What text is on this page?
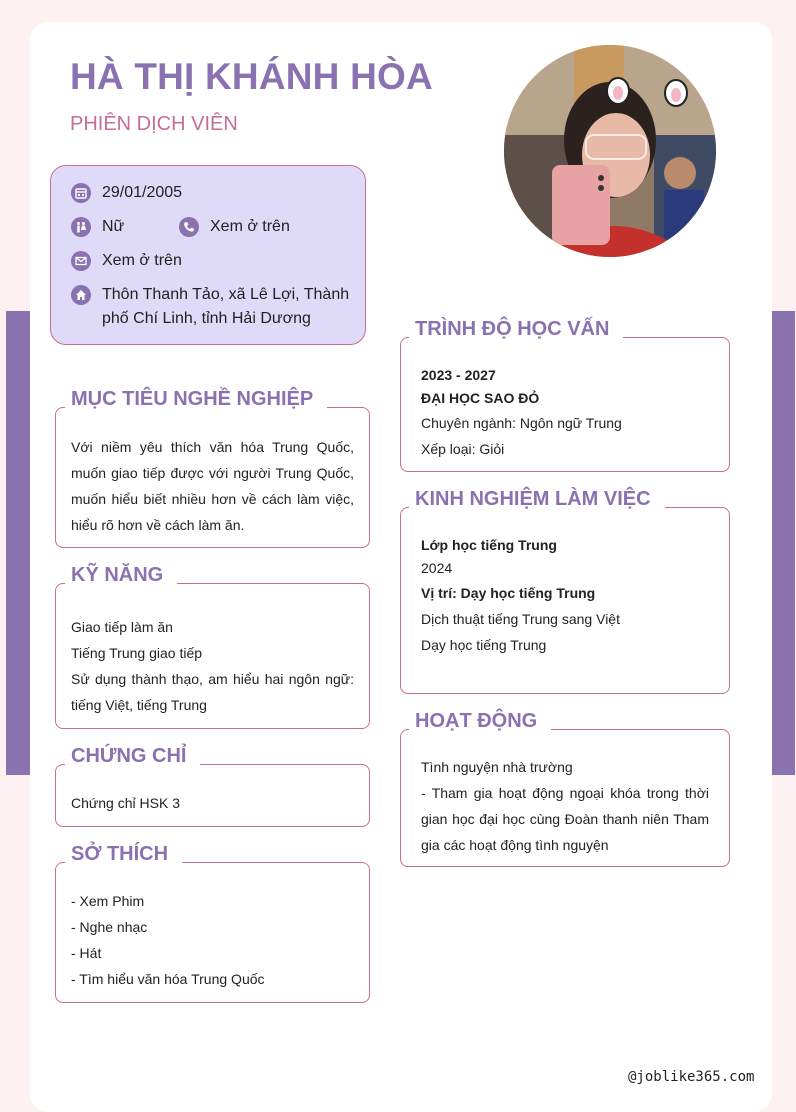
HÀ THỊ KHÁNH HÒA
PHIÊN DỊCH VIÊN
29/01/2005
Nữ	Xem ở trên
Xem ở trên
Thôn Thanh Tảo, xã Lê Lợi, Thành phố Chí Linh, tỉnh Hải Dương
MỤC TIÊU NGHỀ NGHIỆP
Với niềm yêu thích văn hóa Trung Quốc, muốn giao tiếp được với người Trung Quốc, muốn hiểu biết nhiều hơn về cách làm việc, hiểu rõ hơn về cách làm ăn.
KỸ NĂNG
Giao tiếp làm ăn
Tiếng Trung giao tiếp
Sử dụng thành thạo, am hiểu hai ngôn ngữ: tiếng Việt, tiếng Trung
CHỨNG CHỈ
Chứng chỉ HSK 3
SỞ THÍCH
- Xem Phim
- Nghe nhạc
- Hát
- Tìm hiểu văn hóa Trung Quốc
TRÌNH ĐỘ HỌC VẤN
2023 - 2027
ĐẠI HỌC SAO ĐỎ
Chuyên ngành: Ngôn ngữ Trung
Xếp loại: Giỏi
KINH NGHIỆM LÀM VIỆC
Lớp học tiếng Trung
2024
Vị trí: Dạy học tiếng Trung
Dịch thuật tiếng Trung sang Việt
Dạy học tiếng Trung
HOẠT ĐỘNG
Tình nguyện nhà trường
- Tham gia hoạt động ngoại khóa trong thời gian học đại học cùng Đoàn thanh niên Tham gia các hoạt động tình nguyện
@joblike365.com
